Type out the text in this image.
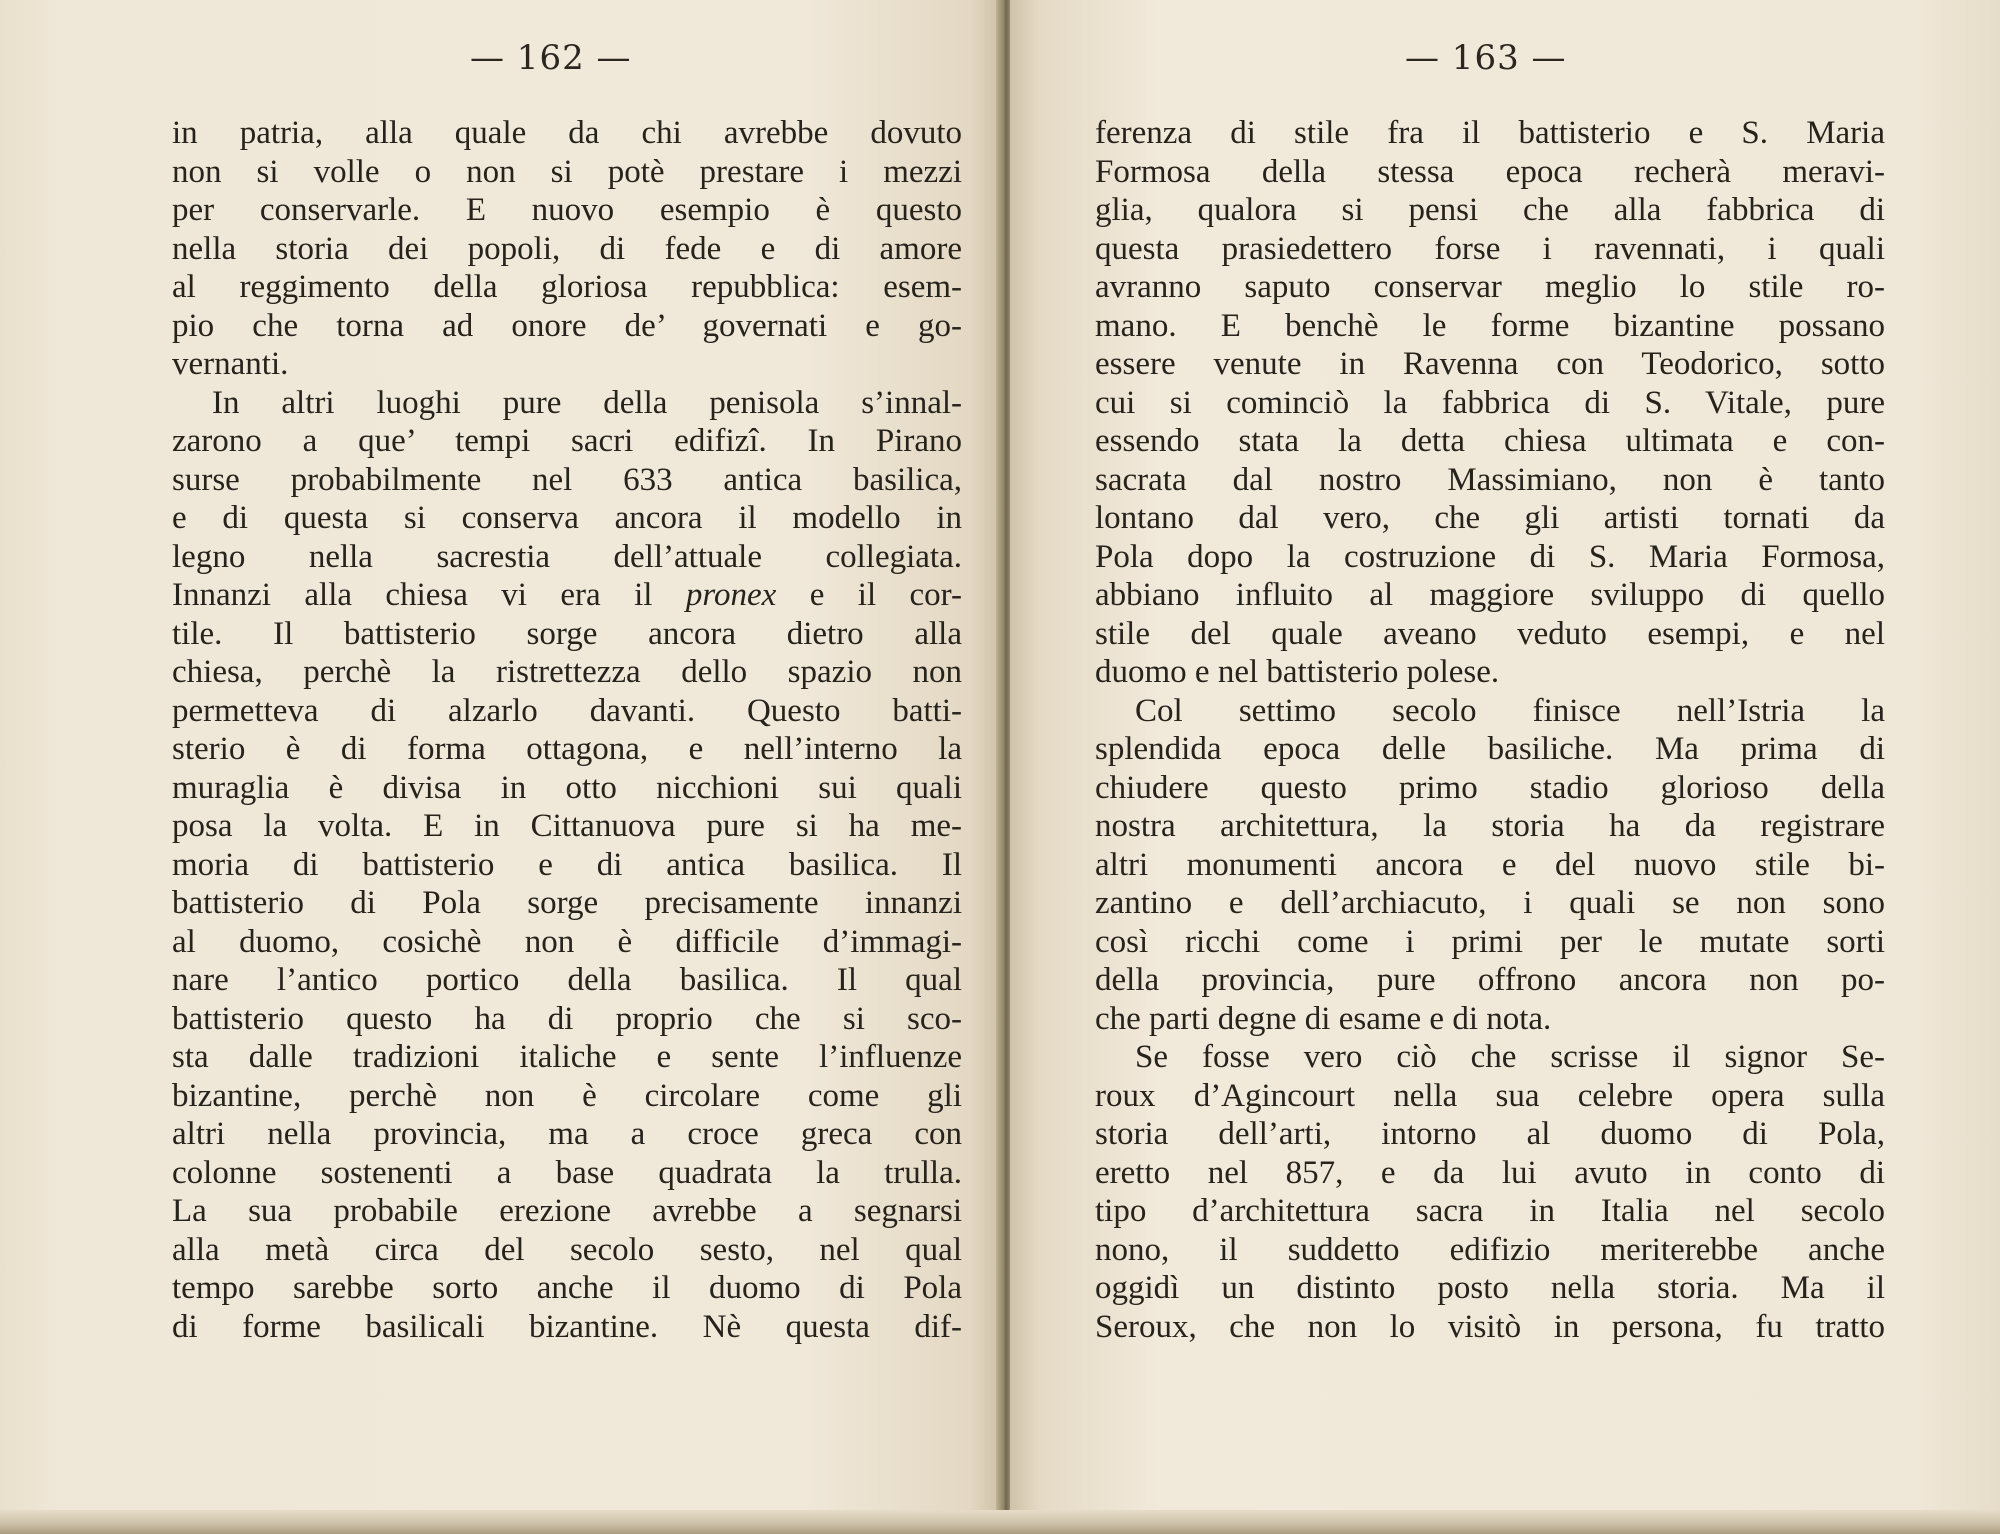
— 162 —
in patria, alla quale da chi avrebbe dovuto
non si volle o non si potè prestare i mezzi
per conservarle. E nuovo esempio è questo
nella storia dei popoli, di fede e di amore
al reggimento della gloriosa repubblica: esem-
pio che torna ad onore de’ governati e go-
vernanti.
In altri luoghi pure della penisola s’innal-
zarono a que’ tempi sacri edifizî. In Pirano
surse probabilmente nel 633 antica basilica,
e di questa si conserva ancora il modello in
legno nella sacrestia dell’attuale collegiata.
Innanzi alla chiesa vi era il pronex e il cor-
tile. Il battisterio sorge ancora dietro alla
chiesa, perchè la ristrettezza dello spazio non
permetteva di alzarlo davanti. Questo batti-
sterio è di forma ottagona, e nell’interno la
muraglia è divisa in otto nicchioni sui quali
posa la volta. E in Cittanuova pure si ha me-
moria di battisterio e di antica basilica. Il
battisterio di Pola sorge precisamente innanzi
al duomo, cosichè non è difficile d’immagi-
nare l’antico portico della basilica. Il qual
battisterio questo ha di proprio che si sco-
sta dalle tradizioni italiche e sente l’influenze
bizantine, perchè non è circolare come gli
altri nella provincia, ma a croce greca con
colonne sostenenti a base quadrata la trulla.
La sua probabile erezione avrebbe a segnarsi
alla metà circa del secolo sesto, nel qual
tempo sarebbe sorto anche il duomo di Pola
di forme basilicali bizantine. Nè questa dif-
— 163 —
ferenza di stile fra il battisterio e S. Maria
Formosa della stessa epoca recherà meravi-
glia, qualora si pensi che alla fabbrica di
questa prasiedettero forse i ravennati, i quali
avranno saputo conservar meglio lo stile ro-
mano. E benchè le forme bizantine possano
essere venute in Ravenna con Teodorico, sotto
cui si cominciò la fabbrica di S. Vitale, pure
essendo stata la detta chiesa ultimata e con-
sacrata dal nostro Massimiano, non è tanto
lontano dal vero, che gli artisti tornati da
Pola dopo la costruzione di S. Maria Formosa,
abbiano influito al maggiore sviluppo di quello
stile del quale aveano veduto esempi, e nel
duomo e nel battisterio polese.
Col settimo secolo finisce nell’Istria la
splendida epoca delle basiliche. Ma prima di
chiudere questo primo stadio glorioso della
nostra architettura, la storia ha da registrare
altri monumenti ancora e del nuovo stile bi-
zantino e dell’archiacuto, i quali se non sono
così ricchi come i primi per le mutate sorti
della provincia, pure offrono ancora non po-
che parti degne di esame e di nota.
Se fosse vero ciò che scrisse il signor Se-
roux d’Agincourt nella sua celebre opera sulla
storia dell’arti, intorno al duomo di Pola,
eretto nel 857, e da lui avuto in conto di
tipo d’architettura sacra in Italia nel secolo
nono, il suddetto edifizio meriterebbe anche
oggidì un distinto posto nella storia. Ma il
Seroux, che non lo visitò in persona, fu tratto
